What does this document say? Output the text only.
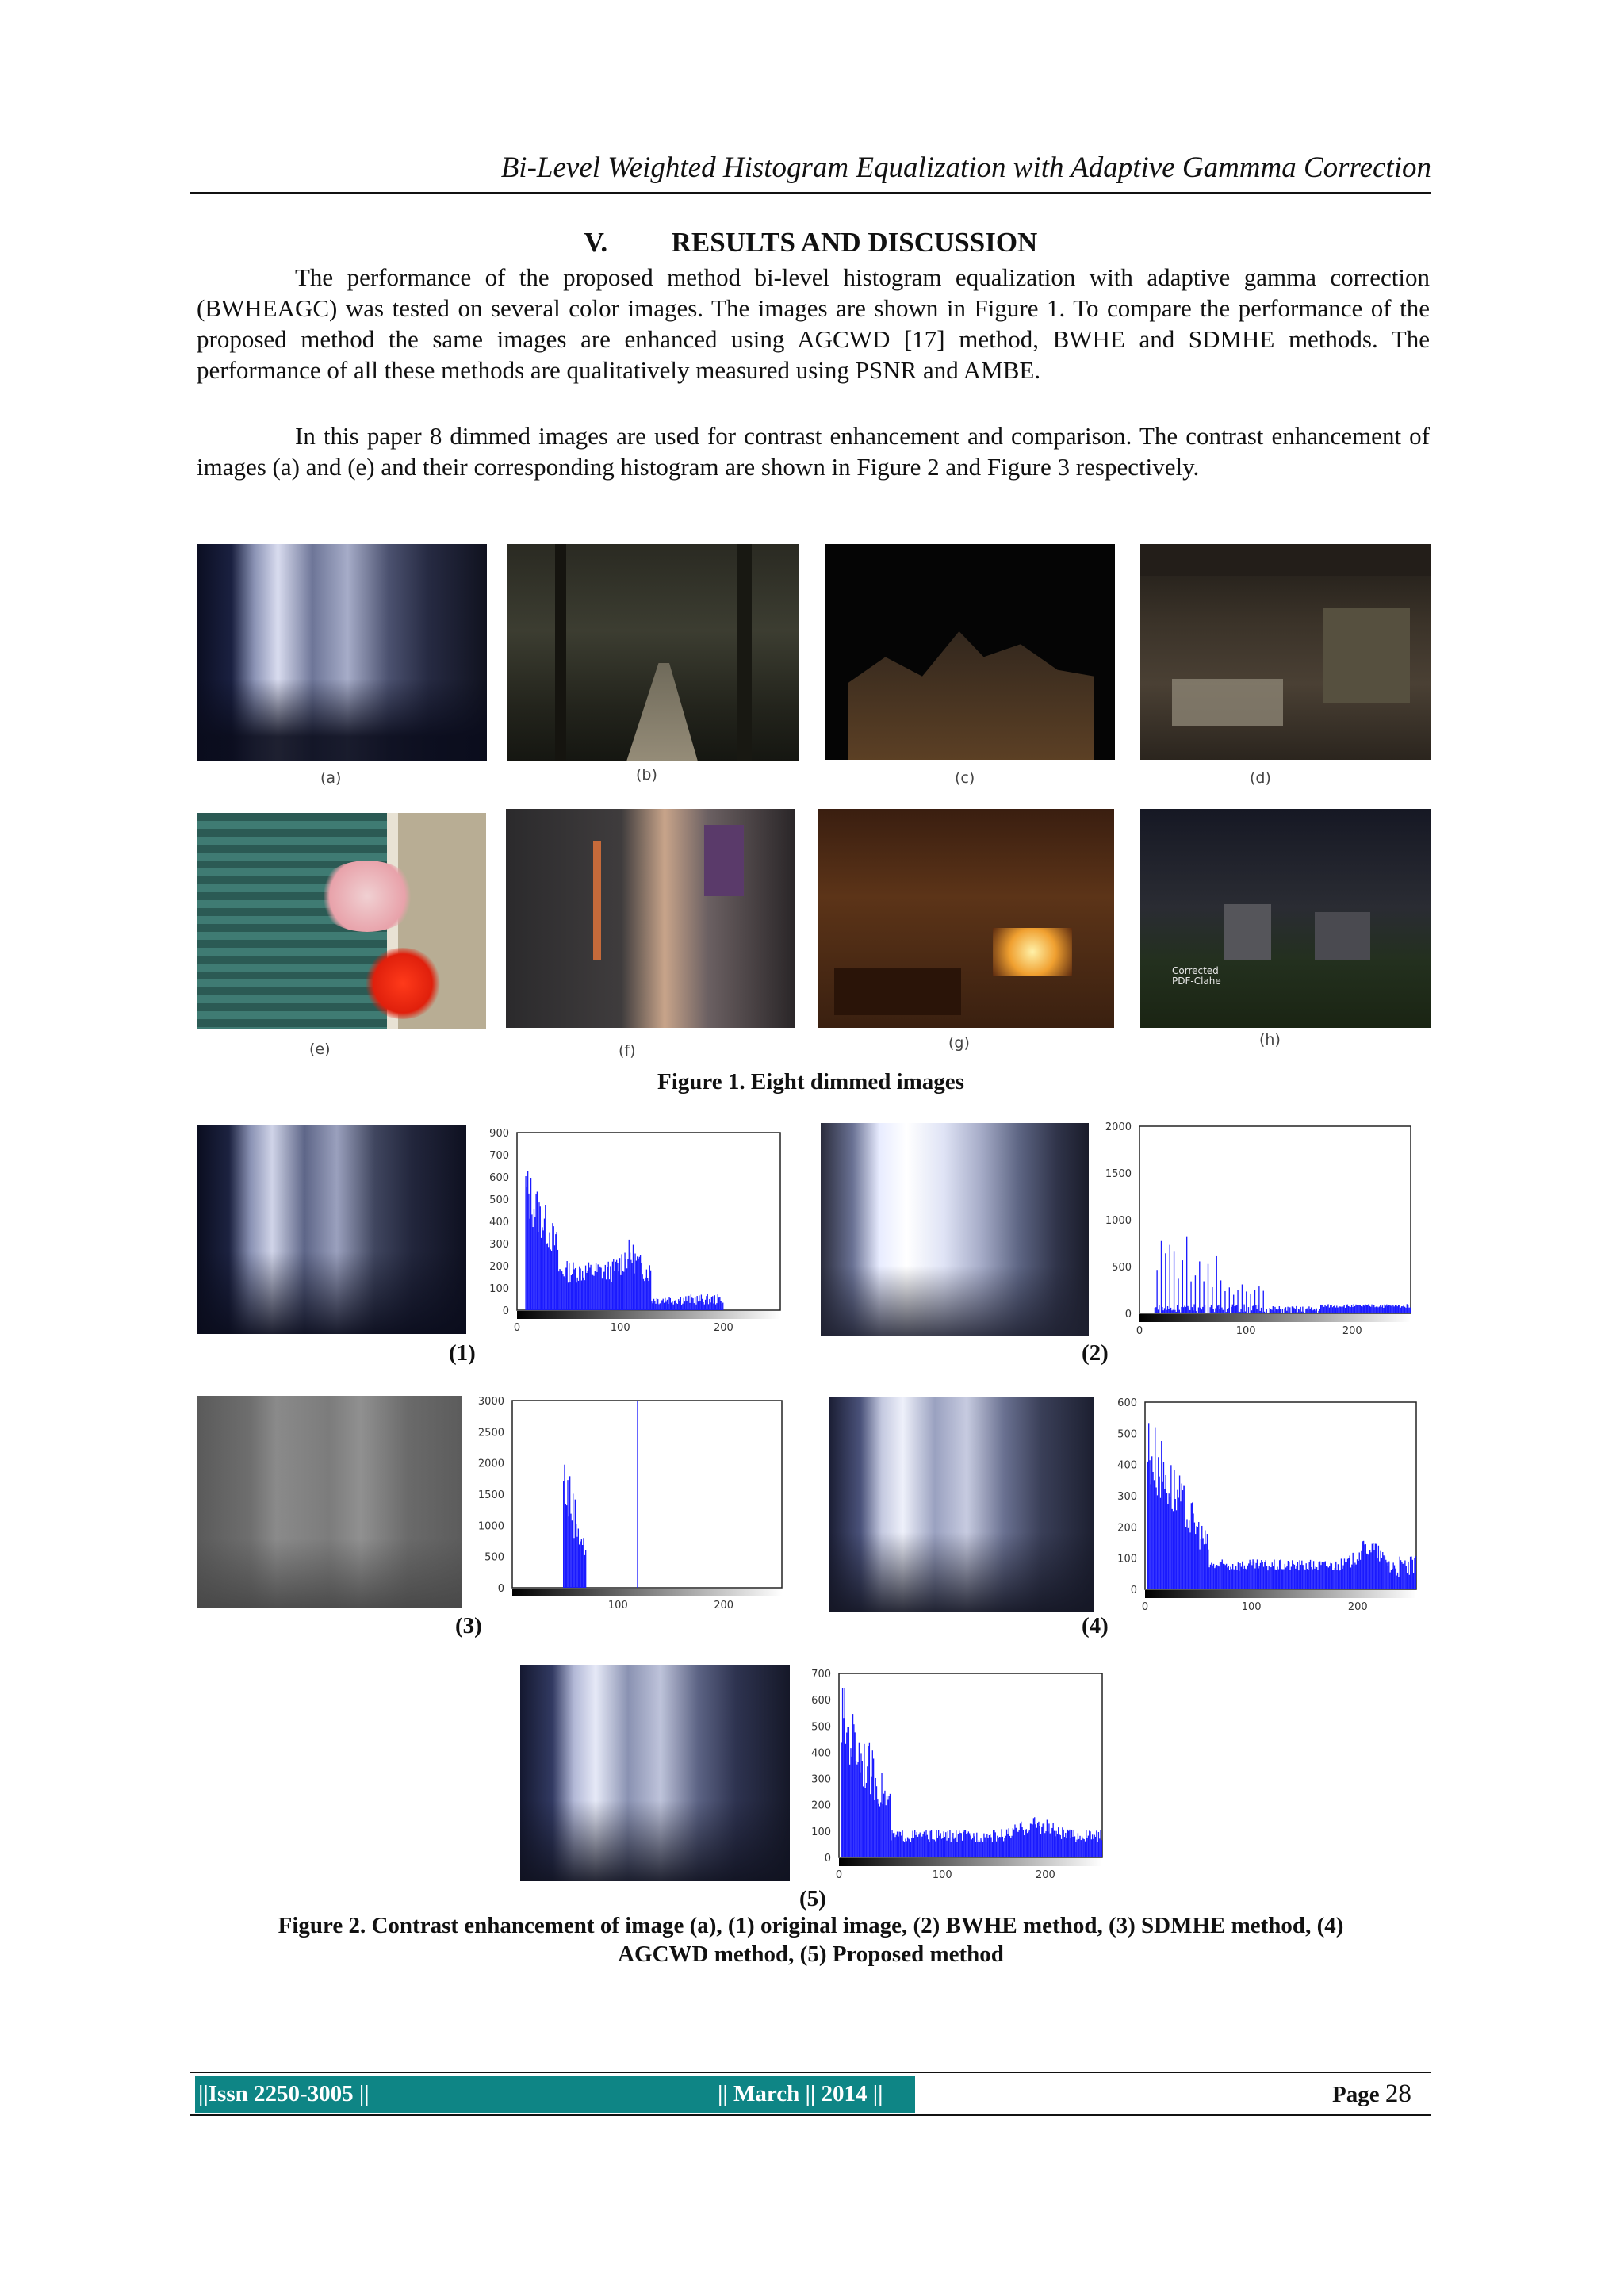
Bi-Level Weighted Histogram Equalization with Adaptive Gammma Correction
V. RESULTS AND DISCUSSION
The performance of the proposed method bi-level histogram equalization with adaptive gamma correction (BWHEAGC) was tested on several color images. The images are shown in Figure 1. To compare the performance of the proposed method the same images are enhanced using AGCWD [17] method, BWHE and SDMHE methods. The performance of all these methods are qualitatively measured using PSNR and AMBE.
In this paper 8 dimmed images are used for contrast enhancement and comparison. The contrast enhancement of images (a) and (e) and their corresponding histogram are shown in Figure 2 and Figure 3 respectively.
(a)	(b)	(c)	(d)
(e)	(f)	(g)
Corrected
PDF-Clahe
(h)
Figure 1. Eight dimmed images
900
700
600
500
400
300
200
100
0
0	100	200
(1)
2000
1500
1000
500
0
0	100	200
(2)
3000
2500
2000
1500
1000
500
0
100	200
(3)
600
500
400
300
200
100
0
0	100	200
(4)
700
600
500
400
300
200
100
0
0	100	200
(5)
Figure 2. Contrast enhancement of image (a), (1) original image, (2) BWHE method, (3) SDMHE method, (4)
AGCWD method, (5) Proposed method
||Issn 2250-3005 ||	|| March || 2014 ||	Page 28
